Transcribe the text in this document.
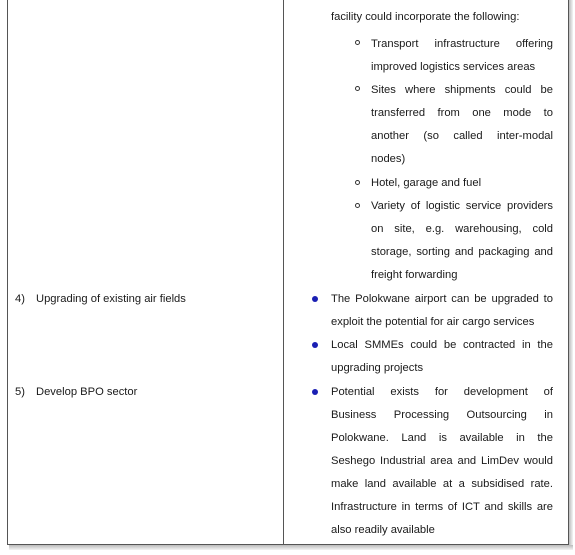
facility could incorporate the following:
Transport infrastructure offering
improved logistics services areas
Sites where shipments could be
transferred from one mode to
another (so called inter-modal
nodes)
Hotel, garage and fuel
Variety of logistic service providers
on site, e.g. warehousing, cold
storage, sorting and packaging and
freight forwarding
4) Upgrading of existing air fields	The Polokwane airport can be upgraded to
exploit the potential for air cargo services
Local SMMEs could be contracted in the
upgrading projects
5) Develop BPO sector	Potential exists for development of
Business Processing Outsourcing in
Polokwane. Land is available in the
Seshego Industrial area and LimDev would
make land available at a subsidised rate.
Infrastructure in terms of ICT and skills are
also readily available
